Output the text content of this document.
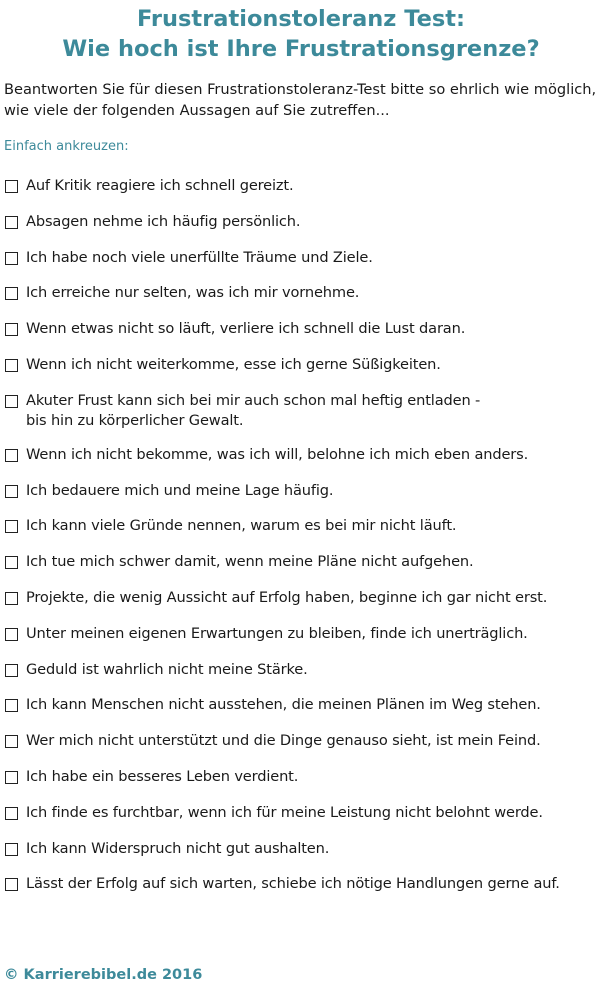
Frustrationstoleranz Test:
Wie hoch ist Ihre Frustrationsgrenze?

Beantworten Sie für diesen Frustrationstoleranz-Test bitte so ehrlich wie möglich, wie viele der folgenden Aussagen auf Sie zutreffen...

Einfach ankreuzen:
Auf Kritik reagiere ich schnell gereizt.
Absagen nehme ich häufig persönlich.
Ich habe noch viele unerfüllte Träume und Ziele.
Ich erreiche nur selten, was ich mir vornehme.
Wenn etwas nicht so läuft, verliere ich schnell die Lust daran.
Wenn ich nicht weiterkomme, esse ich gerne Süßigkeiten.
Akuter Frust kann sich bei mir auch schon mal heftig entladen -
bis hin zu körperlicher Gewalt.
Wenn ich nicht bekomme, was ich will, belohne ich mich eben anders.
Ich bedauere mich und meine Lage häufig.
Ich kann viele Gründe nennen, warum es bei mir nicht läuft.
Ich tue mich schwer damit, wenn meine Pläne nicht aufgehen.
Projekte, die wenig Aussicht auf Erfolg haben, beginne ich gar nicht erst.
Unter meinen eigenen Erwartungen zu bleiben, finde ich unerträglich.
Geduld ist wahrlich nicht meine Stärke.
Ich kann Menschen nicht ausstehen, die meinen Plänen im Weg stehen.
Wer mich nicht unterstützt und die Dinge genauso sieht, ist mein Feind.
Ich habe ein besseres Leben verdient.
Ich finde es furchtbar, wenn ich für meine Leistung nicht belohnt werde.
Ich kann Widerspruch nicht gut aushalten.
Lässt der Erfolg auf sich warten, schiebe ich nötige Handlungen gerne auf.
© Karrierebibel.de 2016
